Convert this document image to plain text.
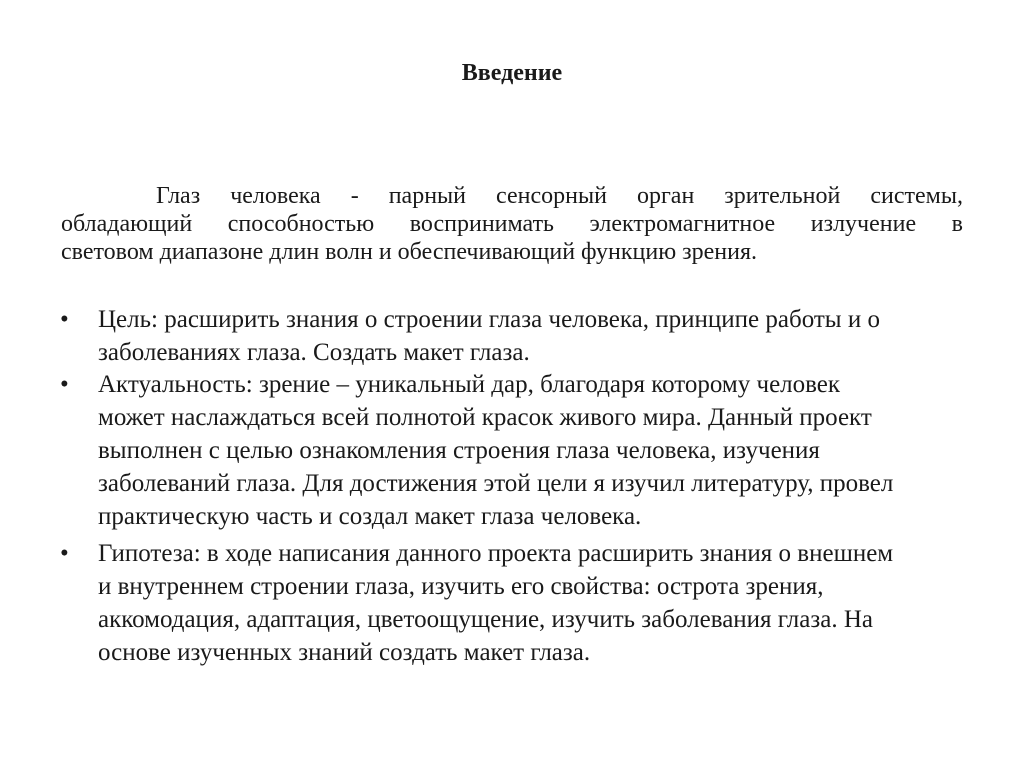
Введение
Глаз человека - парный сенсорный орган зрительной системы,
обладающий способностью воспринимать электромагнитное излучение в
световом диапазоне длин волн и обеспечивающий функцию зрения.
• Цель: расширить знания о строении глаза человека, принципе работы и о
заболеваниях глаза. Создать макет глаза.
• Актуальность: зрение – уникальный дар, благодаря которому человек
может наслаждаться всей полнотой красок живого мира. Данный проект
выполнен с целью ознакомления строения глаза человека, изучения
заболеваний глаза. Для достижения этой цели я изучил литературу, провел
практическую часть и создал макет глаза человека.
• Гипотеза: в ходе написания данного проекта расширить знания о внешнем
и внутреннем строении глаза, изучить его свойства: острота зрения,
аккомодация, адаптация, цветоощущение, изучить заболевания глаза. На
основе изученных знаний создать макет глаза.
